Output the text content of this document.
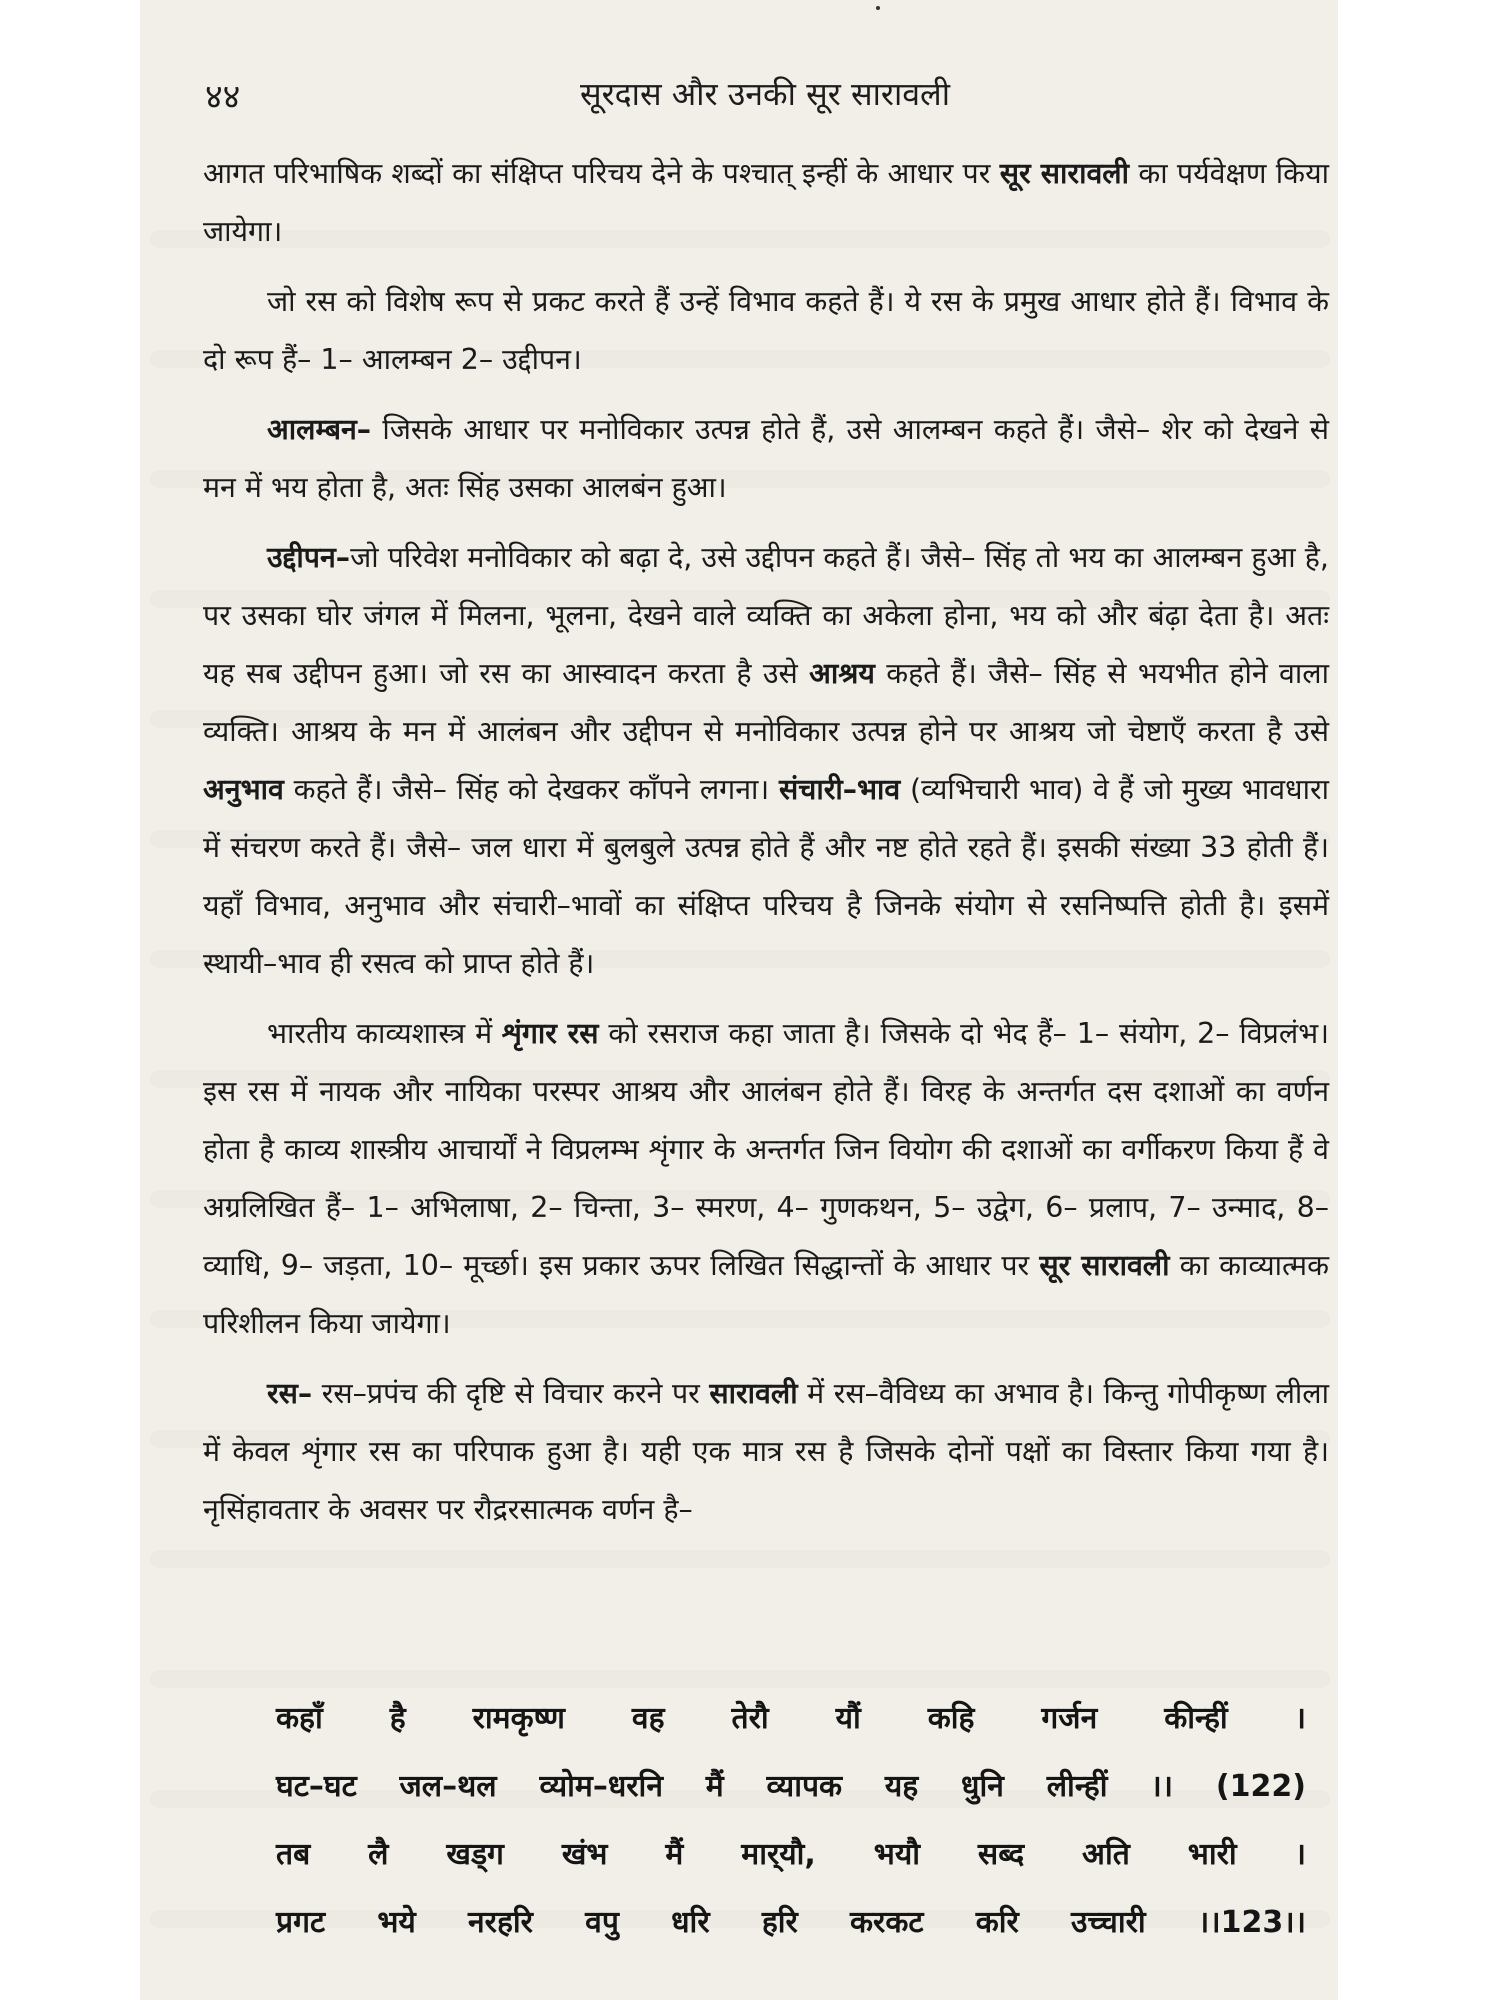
४४	सूरदास और उनकी सूर सारावली

आगत परिभाषिक शब्दों का संक्षिप्त परिचय देने के पश्चात् इन्हीं के आधार पर सूर सारावली का पर्यवेक्षण किया जायेगा।

जो रस को विशेष रूप से प्रकट करते हैं उन्हें विभाव कहते हैं। ये रस के प्रमुख आधार होते हैं। विभाव के दो रूप हैं– 1– आलम्बन 2– उद्दीपन।

आलम्बन– जिसके आधार पर मनोविकार उत्पन्न होते हैं, उसे आलम्बन कहते हैं। जैसे– शेर को देखने से मन में भय होता है, अतः सिंह उसका आलबंन हुआ।

उद्दीपन–जो परिवेश मनोविकार को बढ़ा दे, उसे उद्दीपन कहते हैं। जैसे– सिंह तो भय का आलम्बन हुआ है, पर उसका घोर जंगल में मिलना, भूलना, देखने वाले व्यक्ति का अकेला होना, भय को और बंढ़ा देता है। अतः यह सब उद्दीपन हुआ। जो रस का आस्वादन करता है उसे आश्रय कहते हैं। जैसे– सिंह से भयभीत होने वाला व्यक्ति। आश्रय के मन में आलंबन और उद्दीपन से मनोविकार उत्पन्न होने पर आश्रय जो चेष्टाएँ करता है उसे अनुभाव कहते हैं। जैसे– सिंह को देखकर काँपने लगना। संचारी–भाव (व्यभिचारी भाव) वे हैं जो मुख्य भावधारा में संचरण करते हैं। जैसे– जल धारा में बुलबुले उत्पन्न होते हैं और नष्ट होते रहते हैं। इसकी संख्या 33 होती हैं। यहाँ विभाव, अनुभाव और संचारी–भावों का संक्षिप्त परिचय है जिनके संयोग से रसनिष्पत्ति होती है। इसमें स्थायी–भाव ही रसत्व को प्राप्त होते हैं।

भारतीय काव्यशास्त्र में शृंगार रस को रसराज कहा जाता है। जिसके दो भेद हैं– 1– संयोग, 2– विप्रलंभ। इस रस में नायक और नायिका परस्पर आश्रय और आलंबन होते हैं। विरह के अन्तर्गत दस दशाओं का वर्णन होता है काव्य शास्त्रीय आचार्यों ने विप्रलम्भ शृंगार के अन्तर्गत जिन वियोग की दशाओं का वर्गीकरण किया हैं वे अग्रलिखित हैं– 1– अभिलाषा, 2– चिन्ता, 3– स्मरण, 4– गुणकथन, 5– उद्वेग, 6– प्रलाप, 7– उन्माद, 8– व्याधि, 9– जड़ता, 10– मूर्च्छा। इस प्रकार ऊपर लिखित सिद्धान्तों के आधार पर सूर सारावली का काव्यात्मक परिशीलन किया जायेगा।

रस– रस–प्रपंच की दृष्टि से विचार करने पर सारावली में रस–वैविध्य का अभाव है। किन्तु गोपीकृष्ण लीला में केवल शृंगार रस का परिपाक हुआ है। यही एक मात्र रस है जिसके दोनों पक्षों का विस्तार किया गया है। नृसिंहावतार के अवसर पर रौद्ररसात्मक वर्णन है–

कहाँ है रामकृष्ण वह तेरौ यौं कहि गर्जन कीन्हीं ।
घट–घट जल–थल व्योम–धरनि मैं व्यापक यह धुनि लीन्हीं ।। (122)
तब लै खड्ग खंभ मैं मार्‌यौ, भयौ सब्द अति भारी ।
प्रगट भये नरहरि वपु धरि हरि करकट करि उच्चारी ।।123।।
